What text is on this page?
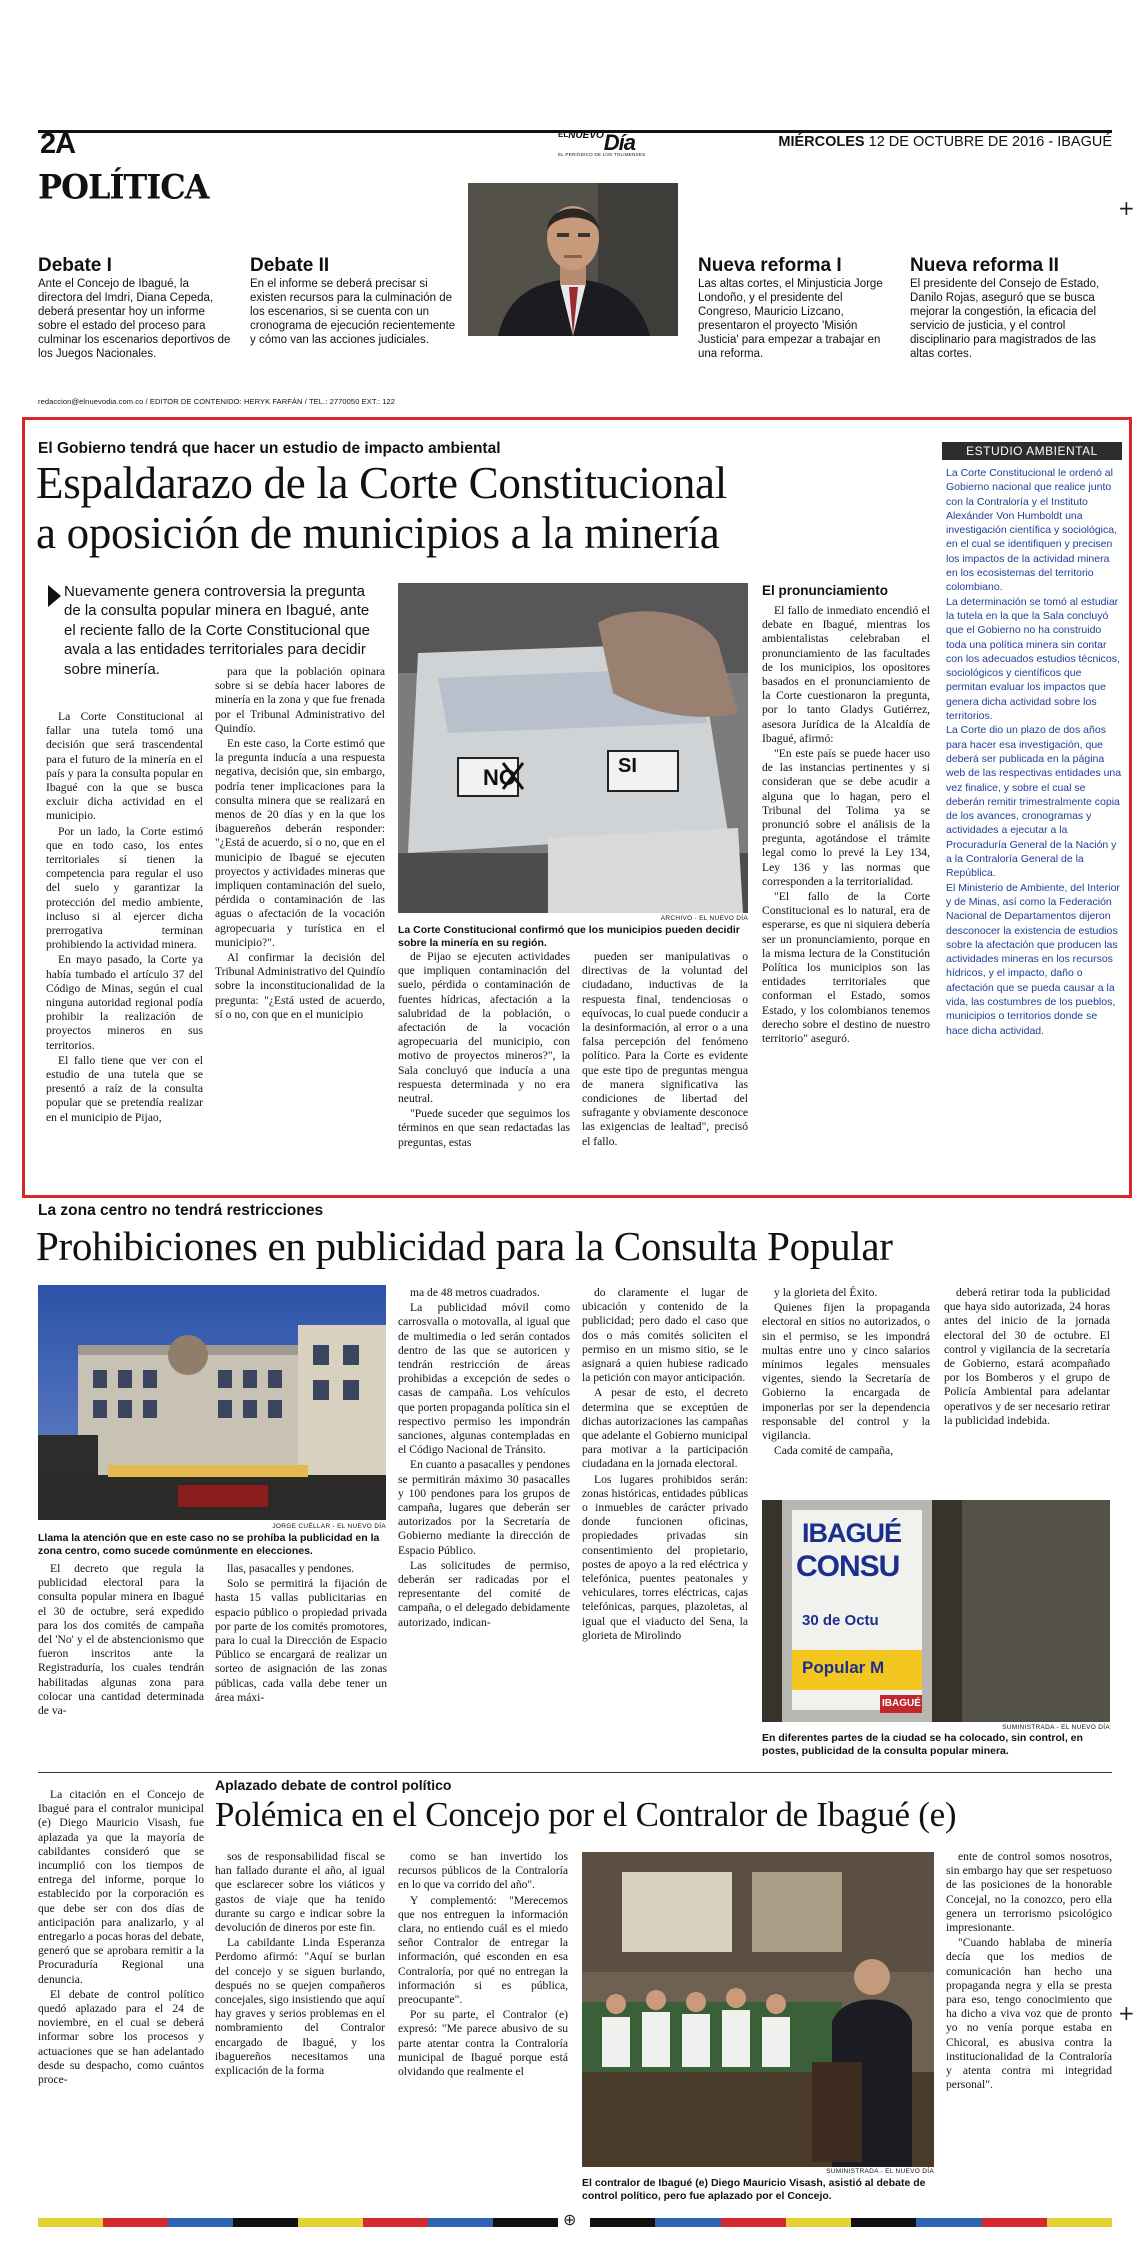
2A	$^{ELNUEVO}$Día
EL PERIÓDICO DE LOS TOLIMENSES
MIÉRCOLES 12 DE OCTUBRE DE 2016 - IBAGUÉ
POLÍTICA
Debate I
Ante el Concejo de Ibagué, la directora del Imdri, Diana Cepeda, deberá presentar hoy un informe sobre el estado del proceso para culminar los escenarios deportivos de los Juegos Nacionales.
Debate II
En el informe se deberá precisar si existen recursos para la culminación de los escenarios, si se cuenta con un cronograma de ejecución recientemente y cómo van las acciones judiciales.
Nueva reforma I
Las altas cortes, el Minjusticia Jorge Londoño, y el presidente del Congreso, Mauricio Lizcano, presentaron el proyecto 'Misión Justicia' para empezar a trabajar en una reforma.
Nueva reforma II
El presidente del Consejo de Estado, Danilo Rojas, aseguró que se busca mejorar la congestión, la eficacia del servicio de justicia, y el control disciplinario para magistrados de las altas cortes.
redaccion@elnuevodia.com.co / EDITOR DE CONTENIDO: HERYK FARFÁN / TEL.: 2770050 EXT.: 122
El Gobierno tendrá que hacer un estudio de impacto ambiental
Espaldarazo de la Corte Constitucional
a oposición de municipios a la minería
Nuevamente genera controversia la pregunta de la consulta popular minera en Ibagué, ante el reciente fallo de la Corte Constitucional que avala a las entidades territoriales para decidir sobre minería.

La Corte Constitucional al fallar una tutela tomó una decisión que será trascendental para el futuro de la minería en el país y para la consulta popular en Ibagué con la que se busca excluir dicha actividad en el municipio.

Por un lado, la Corte estimó que en todo caso, los entes territoriales sí tienen la competencia para regular el uso del suelo y garantizar la protección del medio ambiente, incluso si al ejercer dicha prerrogativa terminan prohibiendo la actividad minera.

En mayo pasado, la Corte ya había tumbado el artículo 37 del Código de Minas, según el cual ninguna autoridad regional podía prohibir la realización de proyectos mineros en sus territorios.

El fallo tiene que ver con el estudio de una tutela que se presentó a raíz de la consulta popular que se pretendía realizar en el municipio de Pijao,

para que la población opinara sobre si se debía hacer labores de minería en la zona y que fue frenada por el Tribunal Administrativo del Quindío.

En este caso, la Corte estimó que la pregunta inducía a una respuesta negativa, decisión que, sin embargo, podría tener implicaciones para la consulta minera que se realizará en menos de 20 días y en la que los ibaguereños deberán responder: "¿Está de acuerdo, sí o no, que en el municipio de Ibagué se ejecuten proyectos y actividades mineras que impliquen contaminación del suelo, pérdida o contaminación de las aguas o afectación de la vocación agropecuaria y turística en el municipio?".

Al confirmar la decisión del Tribunal Administrativo del Quindío sobre la inconstitucionalidad de la pregunta: "¿Está usted de acuerdo, sí o no, con que en el municipio

NO	SI
ARCHIVO - EL NUEVO DÍA
La Corte Constitucional confirmó que los municipios pueden decidir sobre la minería en su región.

de Pijao se ejecuten actividades que impliquen contaminación del suelo, pérdida o contaminación de fuentes hídricas, afectación a la salubridad de la población, o afectación de la vocación agropecuaria del municipio, con motivo de proyectos mineros?", la Sala concluyó que inducía a una respuesta determinada y no era neutral.

"Puede suceder que seguimos los términos en que sean redactadas las preguntas, estas

pueden ser manipulativas o directivas de la voluntad del ciudadano, inductivas de la respuesta final, tendenciosas o equívocas, lo cual puede conducir a la desinformación, al error o a una falsa percepción del fenómeno político. Para la Corte es evidente que este tipo de preguntas mengua de manera significativa las condiciones de libertad del sufragante y obviamente desconoce las exigencias de lealtad", precisó el fallo.

El pronunciamiento

El fallo de inmediato encendió el debate en Ibagué, mientras los ambientalistas celebraban el pronunciamiento de las facultades de los municipios, los opositores basados en el pronunciamiento de la Corte cuestionaron la pregunta, por lo tanto Gladys Gutiérrez, asesora Jurídica de la Alcaldía de Ibagué, afirmó:

"En este país se puede hacer uso de las instancias pertinentes y si consideran que se debe acudir a alguna que lo hagan, pero el Tribunal del Tolima ya se pronunció sobre el análisis de la pregunta, agotándose el trámite legal como lo prevé la Ley 134, Ley 136 y las normas que corresponden a la territorialidad.

"El fallo de la Corte Constitucional es lo natural, era de esperarse, es que ni siquiera debería ser un pronunciamiento, porque en la misma lectura de la Constitución Política los municipios son las entidades territoriales que conforman el Estado, somos Estado, y los colombianos tenemos derecho sobre el destino de nuestro territorio" aseguró.

ESTUDIO AMBIENTAL

La Corte Constitucional le ordenó al Gobierno nacional que realice junto con la Contraloría y el Instituto Alexánder Von Humboldt una investigación científica y sociológica, en el cual se identifiquen y precisen los impactos de la actividad minera en los ecosistemas del territorio colombiano.

La determinación se tomó al estudiar la tutela en la que la Sala concluyó que el Gobierno no ha construido toda una política minera sin contar con los adecuados estudios técnicos, sociológicos y científicos que permitan evaluar los impactos que genera dicha actividad sobre los territorios.

La Corte dio un plazo de dos años para hacer esa investigación, que deberá ser publicada en la página web de las respectivas entidades una vez finalice, y sobre el cual se deberán remitir trimestralmente copia de los avances, cronogramas y actividades a ejecutar a la Procuraduría General de la Nación y a la Contraloría General de la República.

El Ministerio de Ambiente, del Interior y de Minas, así como la Federación Nacional de Departamentos dijeron desconocer la existencia de estudios sobre la afectación que producen las actividades mineras en los recursos hídricos, y el impacto, daño o afectación que se pueda causar a la vida, las costumbres de los pueblos, municipios o territorios donde se hace dicha actividad.

La zona centro no tendrá restricciones
Prohibiciones en publicidad para la Consulta Popular
JORGE CUÉLLAR - EL NUEVO DÍA
Llama la atención que en este caso no se prohíba la publicidad en la zona centro, como sucede comúnmente en elecciones.

El decreto que regula la publicidad electoral para la consulta popular minera en Ibagué el 30 de octubre, será expedido para los dos comités de campaña del 'No' y el de abstencionismo que fueron inscritos ante la Registraduría, los cuales tendrán habilitadas algunas zona para colocar una cantidad determinada de va-

llas, pasacalles y pendones.

Solo se permitirá la fijación de hasta 15 vallas publicitarias en espacio público o propiedad privada por parte de los comités promotores, para lo cual la Dirección de Espacio Público se encargará de realizar un sorteo de asignación de las zonas públicas, cada valla debe tener un área máxi-

ma de 48 metros cuadrados.

La publicidad móvil como carrosvalla o motovalla, al igual que de multimedia o led serán contados dentro de las que se autoricen y tendrán restricción de áreas prohibidas a excepción de sedes o casas de campaña. Los vehículos que porten propaganda política sin el respectivo permiso les impondrán sanciones, algunas contempladas en el Código Nacional de Tránsito.

En cuanto a pasacalles y pendones se permitirán máximo 30 pasacalles y 100 pendones para los grupos de campaña, lugares que deberán ser autorizados por la Secretaría de Gobierno mediante la dirección de Espacio Público.

Las solicitudes de permiso, deberán ser radicadas por el representante del comité de campaña, o el delegado debidamente autorizado, indican-

do claramente el lugar de ubicación y contenido de la publicidad; pero dado el caso que dos o más comités soliciten el permiso en un mismo sitio, se le asignará a quien hubiese radicado la petición con mayor anticipación.

A pesar de esto, el decreto determina que se exceptúen de dichas autorizaciones las campañas que adelante el Gobierno municipal para motivar a la participación ciudadana en la jornada electoral.

Los lugares prohibidos serán: zonas históricas, entidades públicas o inmuebles de carácter privado donde funcionen oficinas, propiedades privadas sin consentimiento del propietario, postes de apoyo a la red eléctrica y telefónica, puentes peatonales y vehiculares, torres eléctricas, cajas telefónicas, parques, plazoletas, al igual que el viaducto del Sena, la glorieta de Mirolindo

y la glorieta del Éxito.

Quienes fijen la propaganda electoral en sitios no autorizados, o sin el permiso, se les impondrá multas entre uno y cinco salarios mínimos legales mensuales vigentes, siendo la Secretaría de Gobierno la encargada de imponerlas por ser la dependencia responsable del control y la vigilancia.

Cada comité de campaña,

deberá retirar toda la publicidad que haya sido autorizada, 24 horas antes del inicio de la jornada electoral del 30 de octubre. El control y vigilancia de la secretaría de Gobierno, estará acompañado por los Bomberos y el grupo de Policía Ambiental para adelantar operativos y de ser necesario retirar la publicidad indebida.

IBAGUÉ
CONSU
30 de Octu
Popular M
IBAGUÉ
SUMINISTRADA - EL NUEVO DÍA
En diferentes partes de la ciudad se ha colocado, sin control, en postes, publicidad de la consulta popular minera.
Aplazado debate de control político
Polémica en el Concejo por el Contralor de Ibagué (e)

La citación en el Concejo de Ibagué para el contralor municipal (e) Diego Mauricio Visash, fue aplazada ya que la mayoría de cabildantes consideró que se incumplió con los tiempos de entrega del informe, porque lo establecido por la corporación es que debe ser con dos días de anticipación para analizarlo, y al entregarlo a pocas horas del debate, generó que se aprobara remitir a la Procuraduría Regional una denuncia.

El debate de control político quedó aplazado para el 24 de noviembre, en el cual se deberá informar sobre los procesos y actuaciones que se han adelantado desde su despacho, como cuántos proce-

sos de responsabilidad fiscal se han fallado durante el año, al igual que esclarecer sobre los viáticos y gastos de viaje que ha tenido durante su cargo e indicar sobre la devolución de dineros por este fin.

La cabildante Linda Esperanza Perdomo afirmó: "Aquí se burlan del concejo y se siguen burlando, después no se quejen compañeros concejales, sigo insistiendo que aquí hay graves y serios problemas en el nombramiento del Contralor encargado de Ibagué, y los ibaguereños necesitamos una explicación de la forma

como se han invertido los recursos públicos de la Contraloría en lo que va corrido del año".

Y complementó: "Merecemos que nos entreguen la información clara, no entiendo cuál es el miedo señor Contralor de entregar la información, qué esconden en esa Contraloría, por qué no entregan la información si es pública, preocupante".

Por su parte, el Contralor (e) expresó: "Me parece abusivo de su parte atentar contra la Contraloría municipal de Ibagué porque está olvidando que realmente el

SUMINISTRADA - EL NUEVO DÍA
El contralor de Ibagué (e) Diego Mauricio Visash, asistió al debate de control político, pero fue aplazado por el Concejo.

ente de control somos nosotros, sin embargo hay que ser respetuoso de las posiciones de la honorable Concejal, no la conozco, pero ella genera un terrorismo psicológico impresionante.

"Cuando hablaba de minería decía que los medios de comunicación han hecho una propaganda negra y ella se presta para eso, tengo conocimiento que ha dicho a viva voz que de pronto yo no venía porque estaba en Chicoral, es abusiva contra la institucionalidad de la Contraloría y atenta contra mi integridad personal".

+
+
⊕
